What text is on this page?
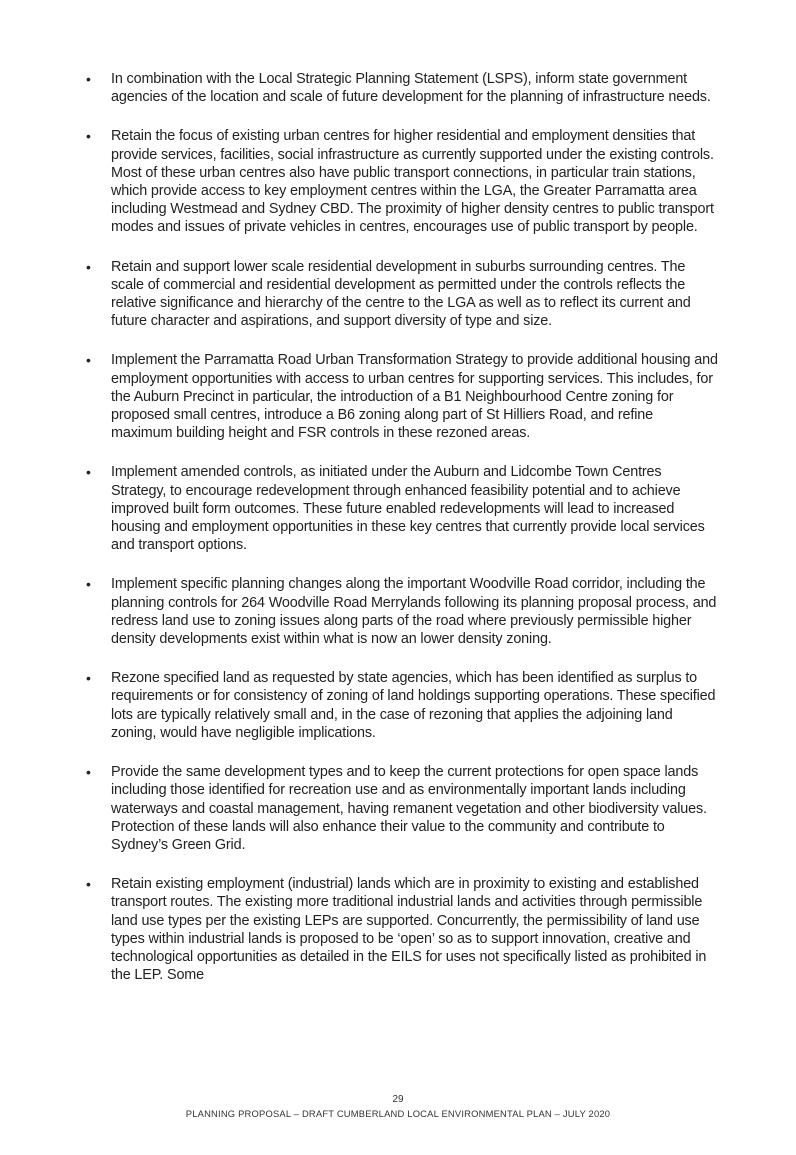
• In combination with the Local Strategic Planning Statement (LSPS), inform state government agencies of the location and scale of future development for the planning of infrastructure needs.
• Retain the focus of existing urban centres for higher residential and employment densities that provide services, facilities, social infrastructure as currently supported under the existing controls. Most of these urban centres also have public transport connections, in particular train stations, which provide access to key employment centres within the LGA, the Greater Parramatta area including Westmead and Sydney CBD. The proximity of higher density centres to public transport modes and issues of private vehicles in centres, encourages use of public transport by people.
• Retain and support lower scale residential development in suburbs surrounding centres. The scale of commercial and residential development as permitted under the controls reflects the relative significance and hierarchy of the centre to the LGA as well as to reflect its current and future character and aspirations, and support diversity of type and size.
• Implement the Parramatta Road Urban Transformation Strategy to provide additional housing and employment opportunities with access to urban centres for supporting services. This includes, for the Auburn Precinct in particular, the introduction of a B1 Neighbourhood Centre zoning for proposed small centres, introduce a B6 zoning along part of St Hilliers Road, and refine maximum building height and FSR controls in these rezoned areas.
• Implement amended controls, as initiated under the Auburn and Lidcombe Town Centres Strategy, to encourage redevelopment through enhanced feasibility potential and to achieve improved built form outcomes. These future enabled redevelopments will lead to increased housing and employment opportunities in these key centres that currently provide local services and transport options.
• Implement specific planning changes along the important Woodville Road corridor, including the planning controls for 264 Woodville Road Merrylands following its planning proposal process, and redress land use to zoning issues along parts of the road where previously permissible higher density developments exist within what is now an lower density zoning.
• Rezone specified land as requested by state agencies, which has been identified as surplus to requirements or for consistency of zoning of land holdings supporting operations. These specified lots are typically relatively small and, in the case of rezoning that applies the adjoining land zoning, would have negligible implications.
• Provide the same development types and to keep the current protections for open space lands including those identified for recreation use and as environmentally important lands including waterways and coastal management, having remanent vegetation and other biodiversity values. Protection of these lands will also enhance their value to the community and contribute to Sydney’s Green Grid.
• Retain existing employment (industrial) lands which are in proximity to existing and established transport routes. The existing more traditional industrial lands and activities through permissible land use types per the existing LEPs are supported. Concurrently, the permissibility of land use types within industrial lands is proposed to be ‘open’ so as to support innovation, creative and technological opportunities as detailed in the EILS for uses not specifically listed as prohibited in the LEP. Some
29
PLANNING PROPOSAL – DRAFT CUMBERLAND LOCAL ENVIRONMENTAL PLAN – JULY 2020
